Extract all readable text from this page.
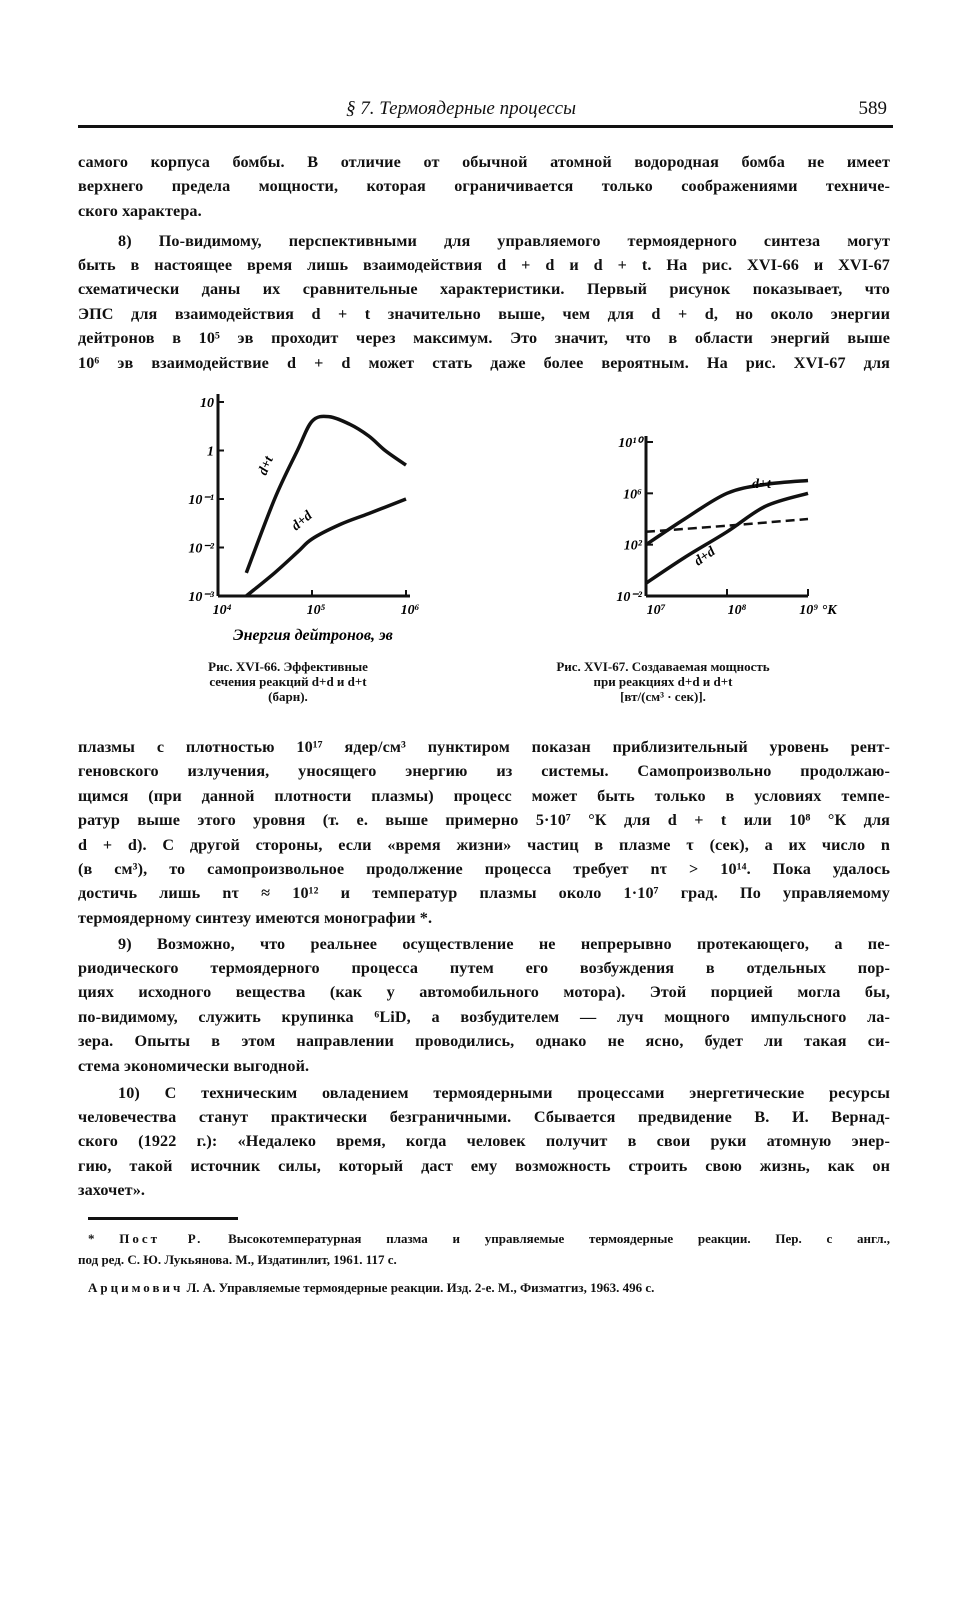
§ 7. Термоядерные процессы	589
самого корпуса бомбы. В отличие от обычной атомной водородная бомба не имеет
верхнего предела мощности, которая ограничивается только соображениями техниче-
ского характера.
8) По-видимому, перспективными для управляемого термоядерного синтеза могут
быть в настоящее время лишь взаимодействия d + d и d + t. На рис. XVI-66 и XVI-67
схематически даны их сравнительные характеристики. Первый рисунок показывает, что
ЭПС для взаимодействия d + t значительно выше, чем для d + d, но около энергии
дейтронов в 10⁵ эв проходит через максимум. Это значит, что в области энергий выше
10⁶ эв взаимодействие d + d может стать даже более вероятным. На рис. XVI-67 для
10
1
10⁻¹
10⁻²
10⁻³
10⁴	10⁵	10⁶
d+t
d+d
Энергия дейтронов, эв
Рис. XVI-66. Эффективные
сечения реакций d+d и d+t
(барн).
10¹⁰
10⁶
10²
10⁻²
10⁷	10⁸	10⁹ °К
d+t
d+d
Рис. XVI-67. Создаваемая мощность
при реакциях d+d и d+t
[вт/(см³ · сек)].
плазмы с плотностью 10¹⁷ ядер/см³ пунктиром показан приблизительный уровень рент-
геновского излучения, уносящего энергию из системы. Самопроизвольно продолжаю-
щимся (при данной плотности плазмы) процесс может быть только в условиях темпе-
ратур выше этого уровня (т. е. выше примерно 5·10⁷ °К для d + t или 10⁸ °К для
d + d). С другой стороны, если «время жизни» частиц в плазме τ (сек), а их число n
(в см³), то самопроизвольное продолжение процесса требует nτ > 10¹⁴. Пока удалось
достичь лишь nτ ≈ 10¹² и температур плазмы около 1·10⁷ град. По управляемому
термоядерному синтезу имеются монографии *.
9) Возможно, что реальнее осуществление не непрерывно протекающего, а пе-
риодического термоядерного процесса путем его возбуждения в отдельных пор-
циях исходного вещества (как у автомобильного мотора). Этой порцией могла бы,
по-видимому, служить крупинка ⁶LiD, а возбудителем — луч мощного импульсного ла-
зера. Опыты в этом направлении проводились, однако не ясно, будет ли такая си-
стема экономически выгодной.
10) С техническим овладением термоядерными процессами энергетические ресурсы
человечества станут практически безграничными. Сбывается предвидение В. И. Вернад-
ского (1922 г.): «Недалеко время, когда человек получит в свои руки атомную энер-
гию, такой источник силы, который даст ему возможность строить свою жизнь, как он
захочет».
* Пост Р. Высокотемпературная плазма и управляемые термоядерные реакции. Пер. с англ.,
под ред. С. Ю. Лукьянова. М., Издатинлит, 1961. 117 с.
Арцимович Л. А. Управляемые термоядерные реакции. Изд. 2-е. М., Физматгиз, 1963. 496 с.
